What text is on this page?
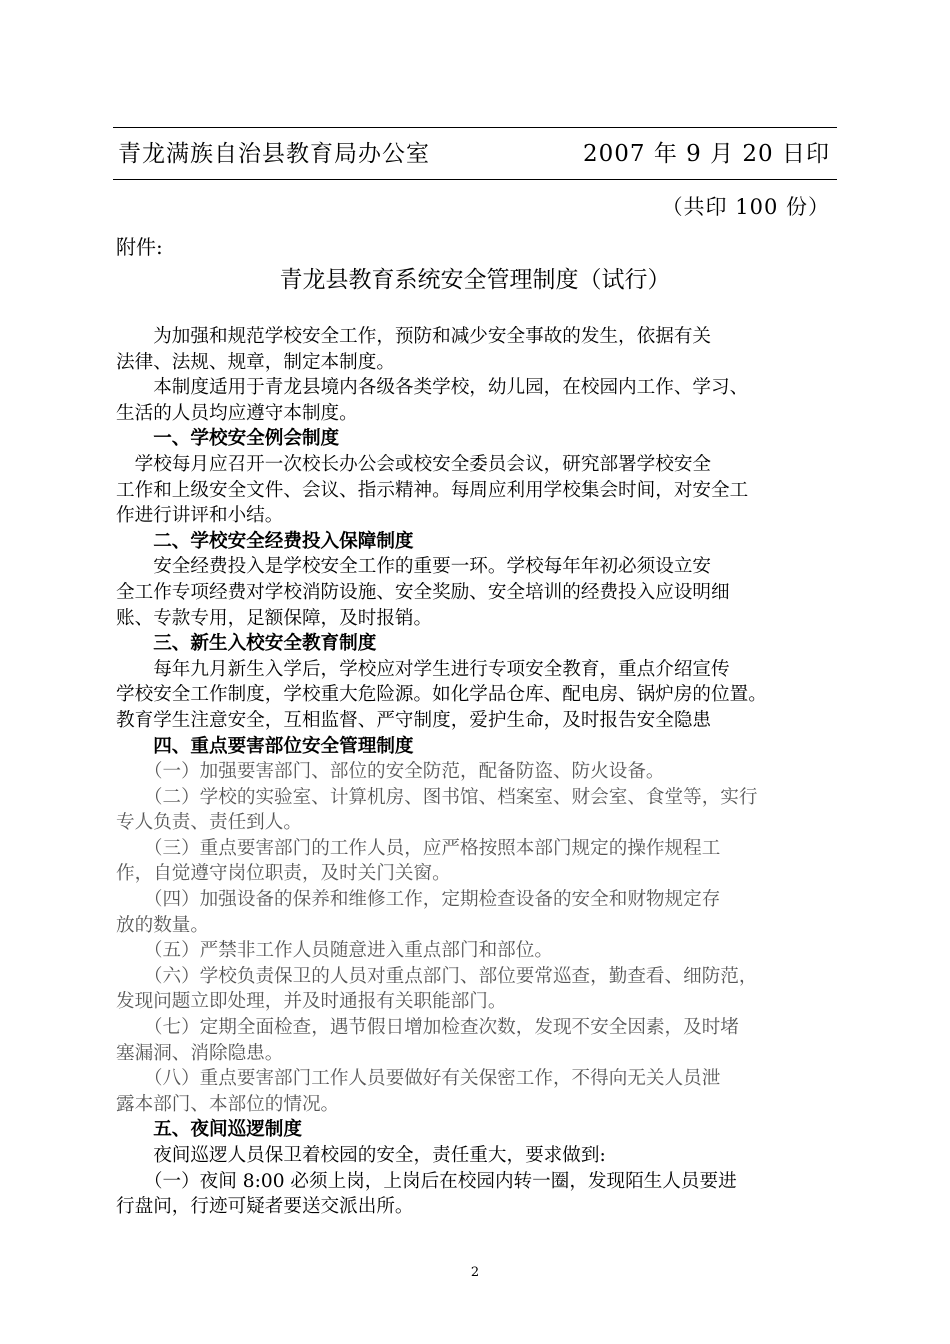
青龙满族自治县教育局办公室	2007 年 9 月 20 日印
（共印 100 份）
附件:
青龙县教育系统安全管理制度（试行）

　　为加强和规范学校安全工作，预防和减少安全事故的发生，依据有关

法律、法规、规章，制定本制度。

　　本制度适用于青龙县境内各级各类学校，幼儿园，在校园内工作、学习、

生活的人员均应遵守本制度。

　　一、学校安全例会制度

　学校每月应召开一次校长办公会或校安全委员会议，研究部署学校安全

工作和上级安全文件、会议、指示精神。每周应利用学校集会时间，对安全工

作进行讲评和小结。

　　二、学校安全经费投入保障制度

　　安全经费投入是学校安全工作的重要一环。学校每年年初必须设立安

全工作专项经费对学校消防设施、安全奖励、安全培训的经费投入应设明细

账、专款专用，足额保障，及时报销。

　　三、新生入校安全教育制度

　　每年九月新生入学后，学校应对学生进行专项安全教育，重点介绍宣传

学校安全工作制度，学校重大危险源。如化学品仓库、配电房、锅炉房的位置。

教育学生注意安全，互相监督、严守制度，爱护生命，及时报告安全隐患

　　四、重点要害部位安全管理制度

　　（一）加强要害部门、部位的安全防范，配备防盗、防火设备。

　　（二）学校的实验室、计算机房、图书馆、档案室、财会室、食堂等，实行

专人负责、责任到人。

　　（三）重点要害部门的工作人员，应严格按照本部门规定的操作规程工

作，自觉遵守岗位职责，及时关门关窗。

　　（四）加强设备的保养和维修工作，定期检查设备的安全和财物规定存

放的数量。

　　（五）严禁非工作人员随意进入重点部门和部位。

　　（六）学校负责保卫的人员对重点部门、部位要常巡查，勤查看、细防范，

发现问题立即处理，并及时通报有关职能部门。

　　（七）定期全面检查，遇节假日增加检查次数，发现不安全因素，及时堵

塞漏洞、消除隐患。

　　（八）重点要害部门工作人员要做好有关保密工作，不得向无关人员泄

露本部门、本部位的情况。

　　五、夜间巡逻制度

　　夜间巡逻人员保卫着校园的安全，责任重大，要求做到:

　　（一）夜间 8:00 必须上岗，上岗后在校园内转一圈，发现陌生人员要进

行盘问，行迹可疑者要送交派出所。

2
